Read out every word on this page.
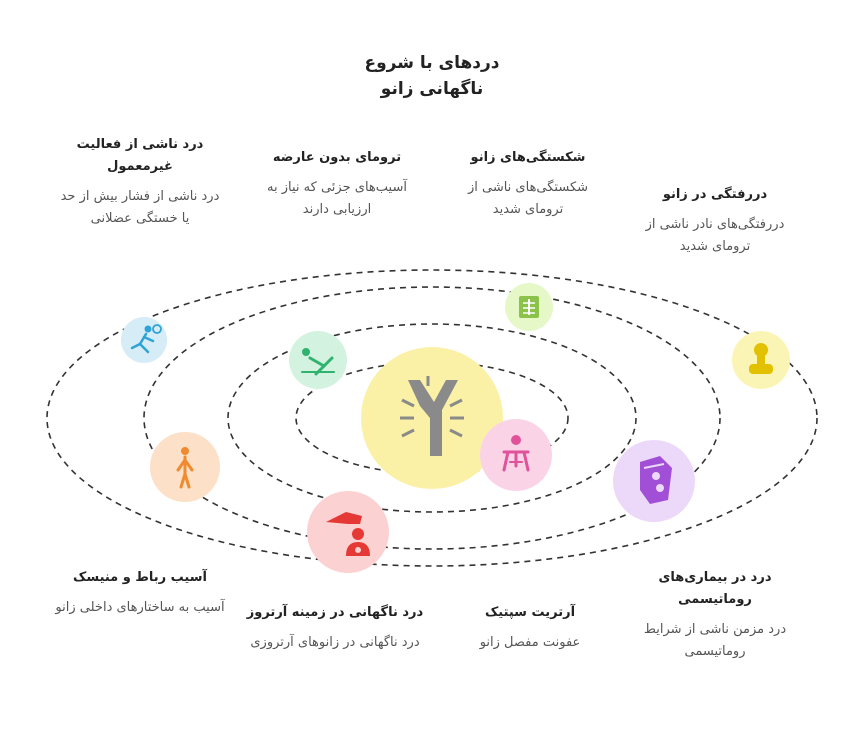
دردهای با شروع
ناگهانی زانو
درد ناشی از فعالیت غیرمعمول
درد ناشی از فشار بیش از حد یا خستگی عضلانی
ترومای بدون عارضه
آسیب‌های جزئی که نیاز به ارزیابی دارند
شکستگی‌های زانو
شکستگی‌های ناشی از ترومای شدید
دررفتگی در زانو
دررفتگی‌های نادر ناشی از ترومای شدید
آسیب رباط و منیسک
آسیب به ساختارهای داخلی زانو	درد ناگهانی در زمینه آرتروز
درد ناگهانی در زانوهای آرتروزی
آرتریت سپتیک
عفونت مفصل زانو
درد در بیماری‌های روماتیسمی
درد مزمن ناشی از شرایط روماتیسمی
